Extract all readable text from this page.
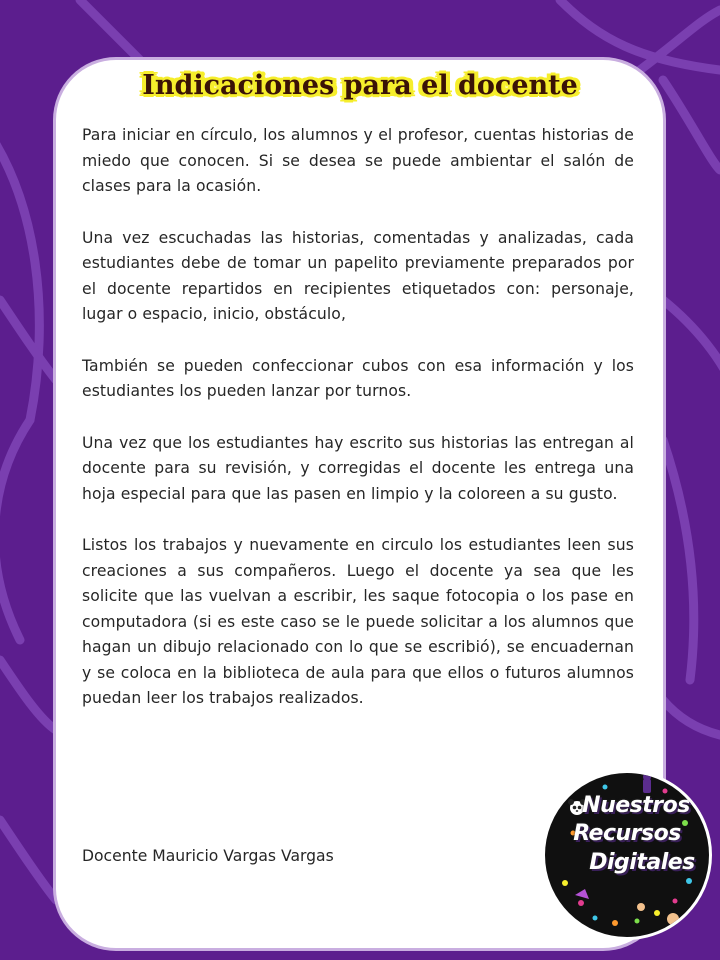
Indicaciones para el docente

Para iniciar en círculo, los alumnos y el profesor, cuentas historias de miedo que conocen. Si se desea se puede ambientar el salón de clases para la ocasión.

Una vez escuchadas las historias, comentadas y analizadas, cada estudiantes debe de tomar un papelito previamente preparados por el docente repartidos en recipientes etiquetados con: personaje, lugar o espacio, inicio, obstáculo,

También se pueden confeccionar cubos con esa información y los estudiantes los pueden lanzar por turnos.

Una vez que los estudiantes hay escrito sus historias las entregan al docente para su revisión, y corregidas el docente les entrega una hoja especial para que las pasen en limpio y la coloreen a su gusto.

Listos los trabajos y nuevamente en circulo los estudiantes leen sus creaciones a sus compañeros. Luego el docente ya sea que les solicite que las vuelvan a escribir, les saque fotocopia o los pase en computadora (si es este caso se le puede solicitar a los alumnos que hagan un dibujo relacionado con lo que se escribió), se encuadernan y se coloca en la biblioteca de aula para que ellos o futuros alumnos puedan leer los trabajos realizados.

Docente Mauricio Vargas Vargas
Nuestros
Recursos
Digitales
